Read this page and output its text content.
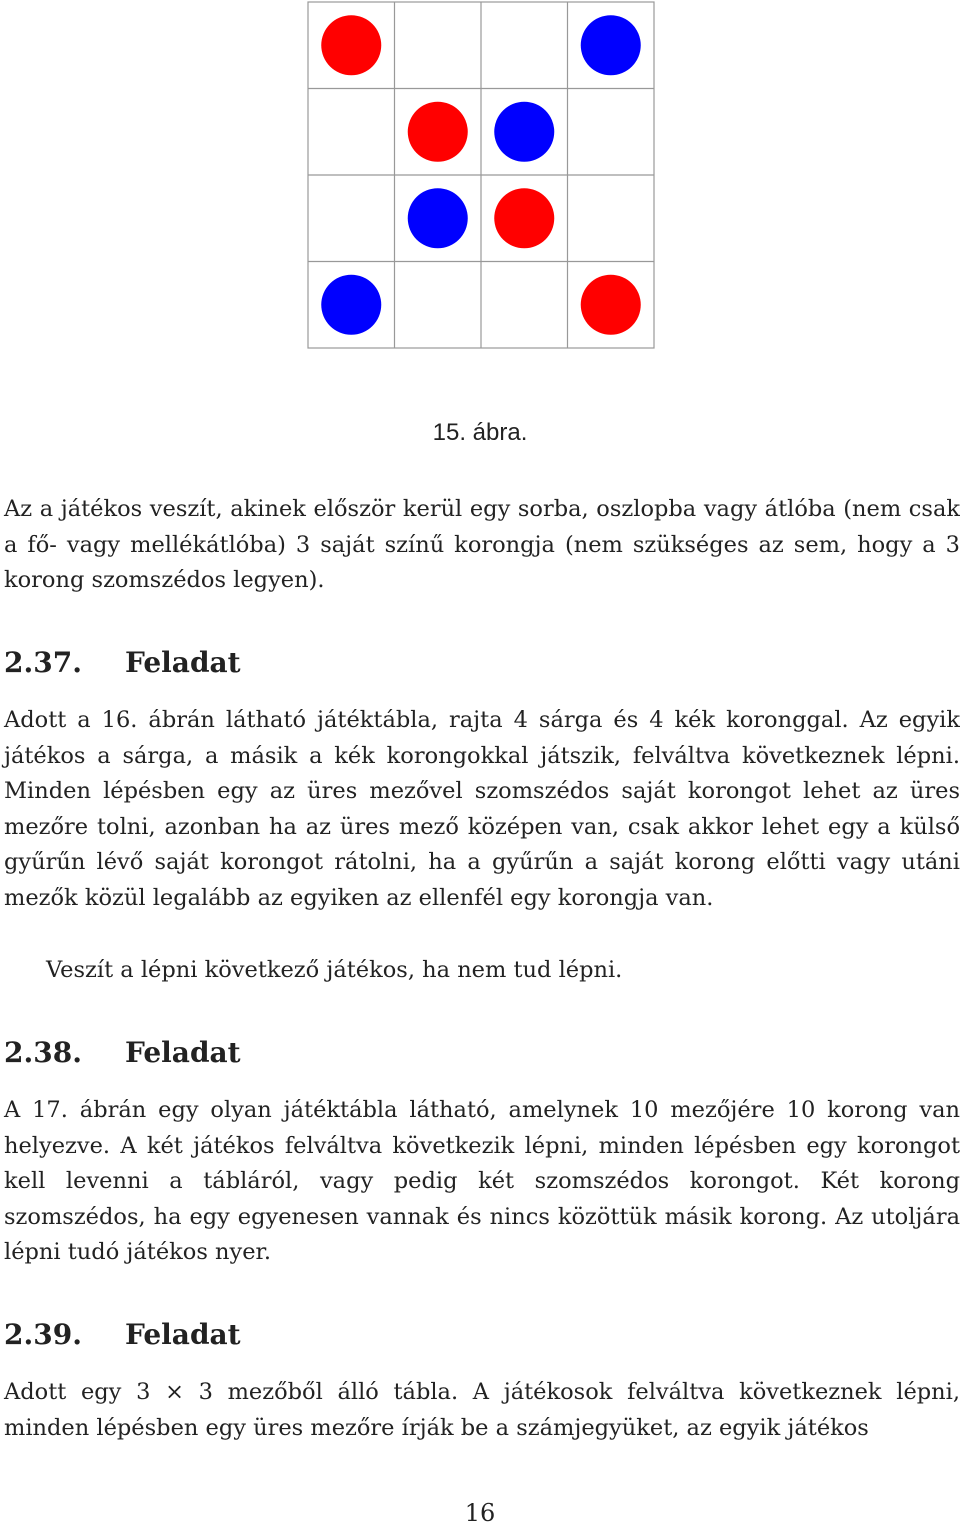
15. ábra.

Az a játékos veszít, akinek először kerül egy sorba, oszlopba vagy átlóba (nem csak a fő- vagy mellékátlóba) 3 saját színű korongja (nem szükséges az sem, hogy a 3 korong szomszédos legyen).

2.37. Feladat

Adott a 16. ábrán látható játéktábla, rajta 4 sárga és 4 kék koronggal. Az egyik játékos a sárga, a másik a kék korongokkal játszik, felváltva következnek lépni. Minden lépésben egy az üres mezővel szomszédos saját korongot lehet az üres mezőre tolni, azonban ha az üres mező középen van, csak akkor lehet egy a külső gyűrűn lévő saját korongot rátolni, ha a gyűrűn a saját korong előtti vagy utáni mezők közül legalább az egyiken az ellenfél egy korongja van.

Veszít a lépni következő játékos, ha nem tud lépni.

2.38. Feladat

A 17. ábrán egy olyan játéktábla látható, amelynek 10 mezőjére 10 korong van helyezve. A két játékos felváltva következik lépni, minden lépésben egy korongot kell levenni a tábláról, vagy pedig két szomszédos korongot. Két korong szomszédos, ha egy egyenesen vannak és nincs közöttük másik korong. Az utoljára lépni tudó játékos nyer.

2.39. Feladat

Adott egy 3 × 3 mezőből álló tábla. A játékosok felváltva következnek lépni, minden lépésben egy üres mezőre írják be a számjegyüket, az egyik játékos

16
